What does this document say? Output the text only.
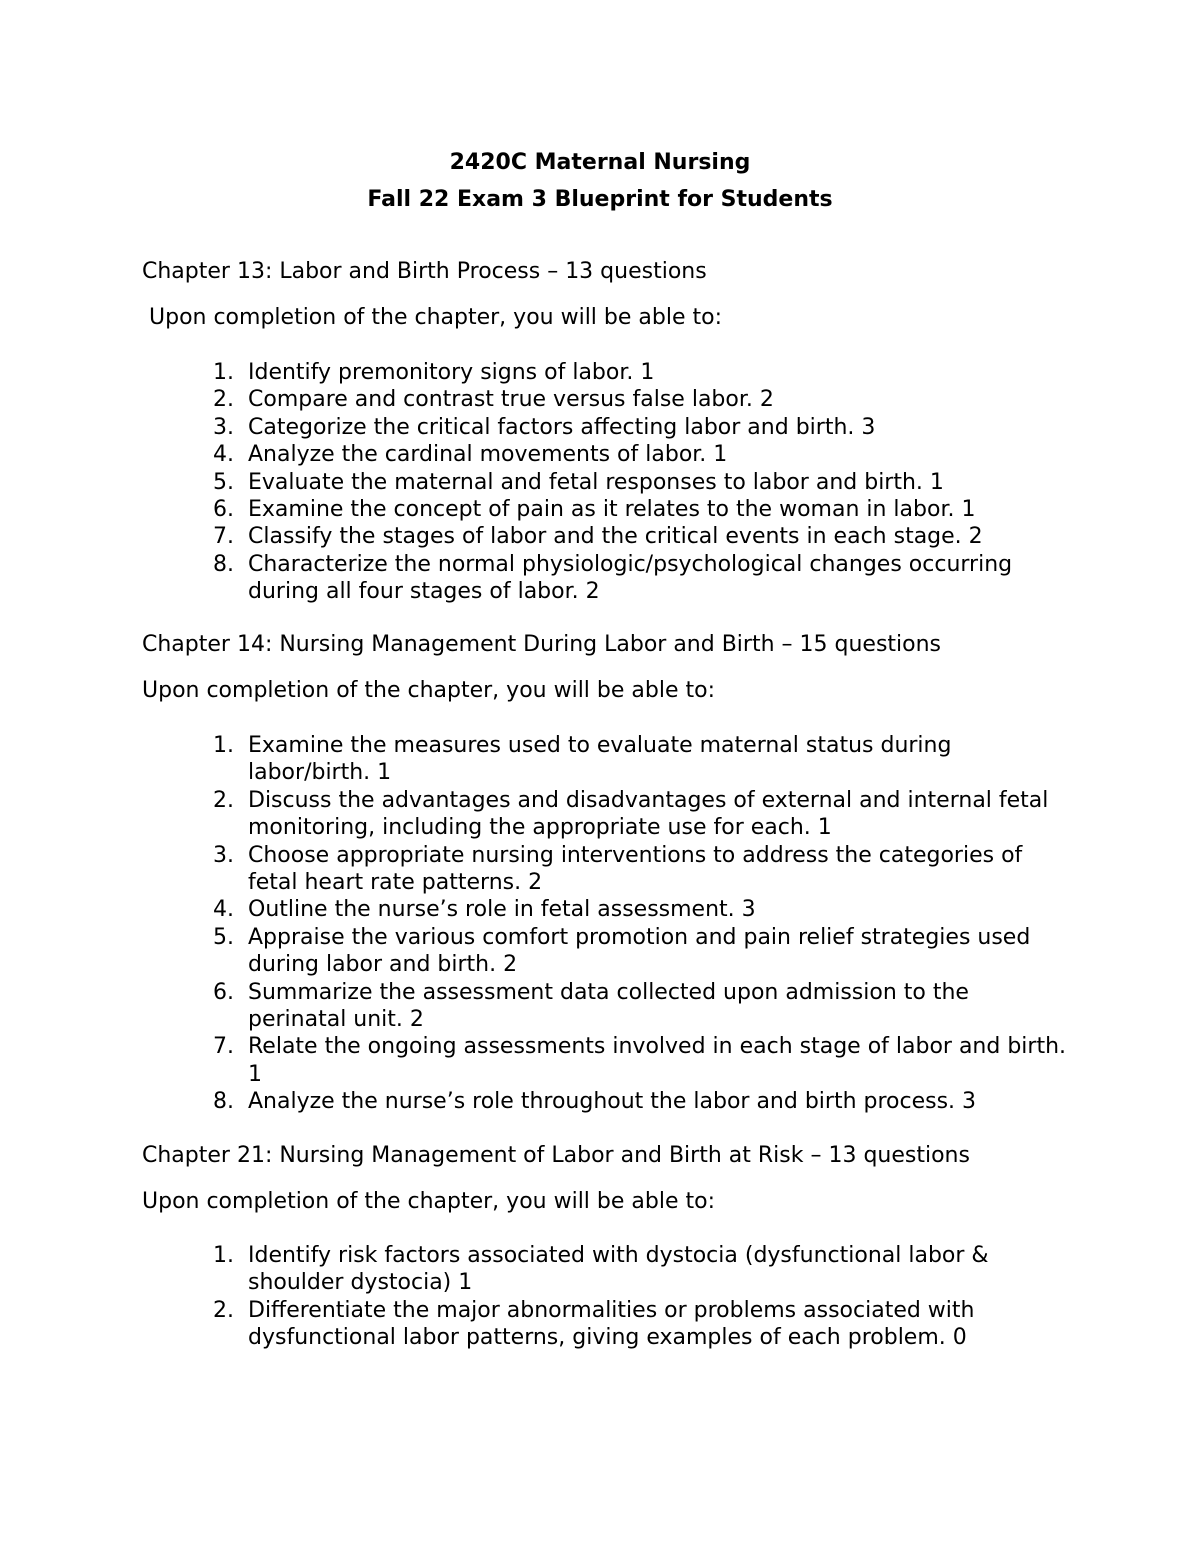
2420C Maternal Nursing
Fall 22 Exam 3 Blueprint for Students

Chapter 13: Labor and Birth Process – 13 questions

Upon completion of the chapter, you will be able to:

1. Identify premonitory signs of labor. 1
2. Compare and contrast true versus false labor. 2
3. Categorize the critical factors affecting labor and birth. 3
4. Analyze the cardinal movements of labor. 1
5. Evaluate the maternal and fetal responses to labor and birth. 1
6. Examine the concept of pain as it relates to the woman in labor. 1
7. Classify the stages of labor and the critical events in each stage. 2
8. Characterize the normal physiologic/psychological changes occurring during all four stages of labor. 2

Chapter 14: Nursing Management During Labor and Birth – 15 questions

Upon completion of the chapter, you will be able to:

1. Examine the measures used to evaluate maternal status during labor/birth. 1
2. Discuss the advantages and disadvantages of external and internal fetal monitoring, including the appropriate use for each. 1
3. Choose appropriate nursing interventions to address the categories of fetal heart rate patterns. 2
4. Outline the nurse’s role in fetal assessment. 3
5. Appraise the various comfort promotion and pain relief strategies used during labor and birth. 2
6. Summarize the assessment data collected upon admission to the perinatal unit. 2
7. Relate the ongoing assessments involved in each stage of labor and birth. 1
8. Analyze the nurse’s role throughout the labor and birth process. 3

Chapter 21: Nursing Management of Labor and Birth at Risk – 13 questions

Upon completion of the chapter, you will be able to:

1. Identify risk factors associated with dystocia (dysfunctional labor & shoulder dystocia) 1
2. Differentiate the major abnormalities or problems associated with dysfunctional labor patterns, giving examples of each problem. 0
